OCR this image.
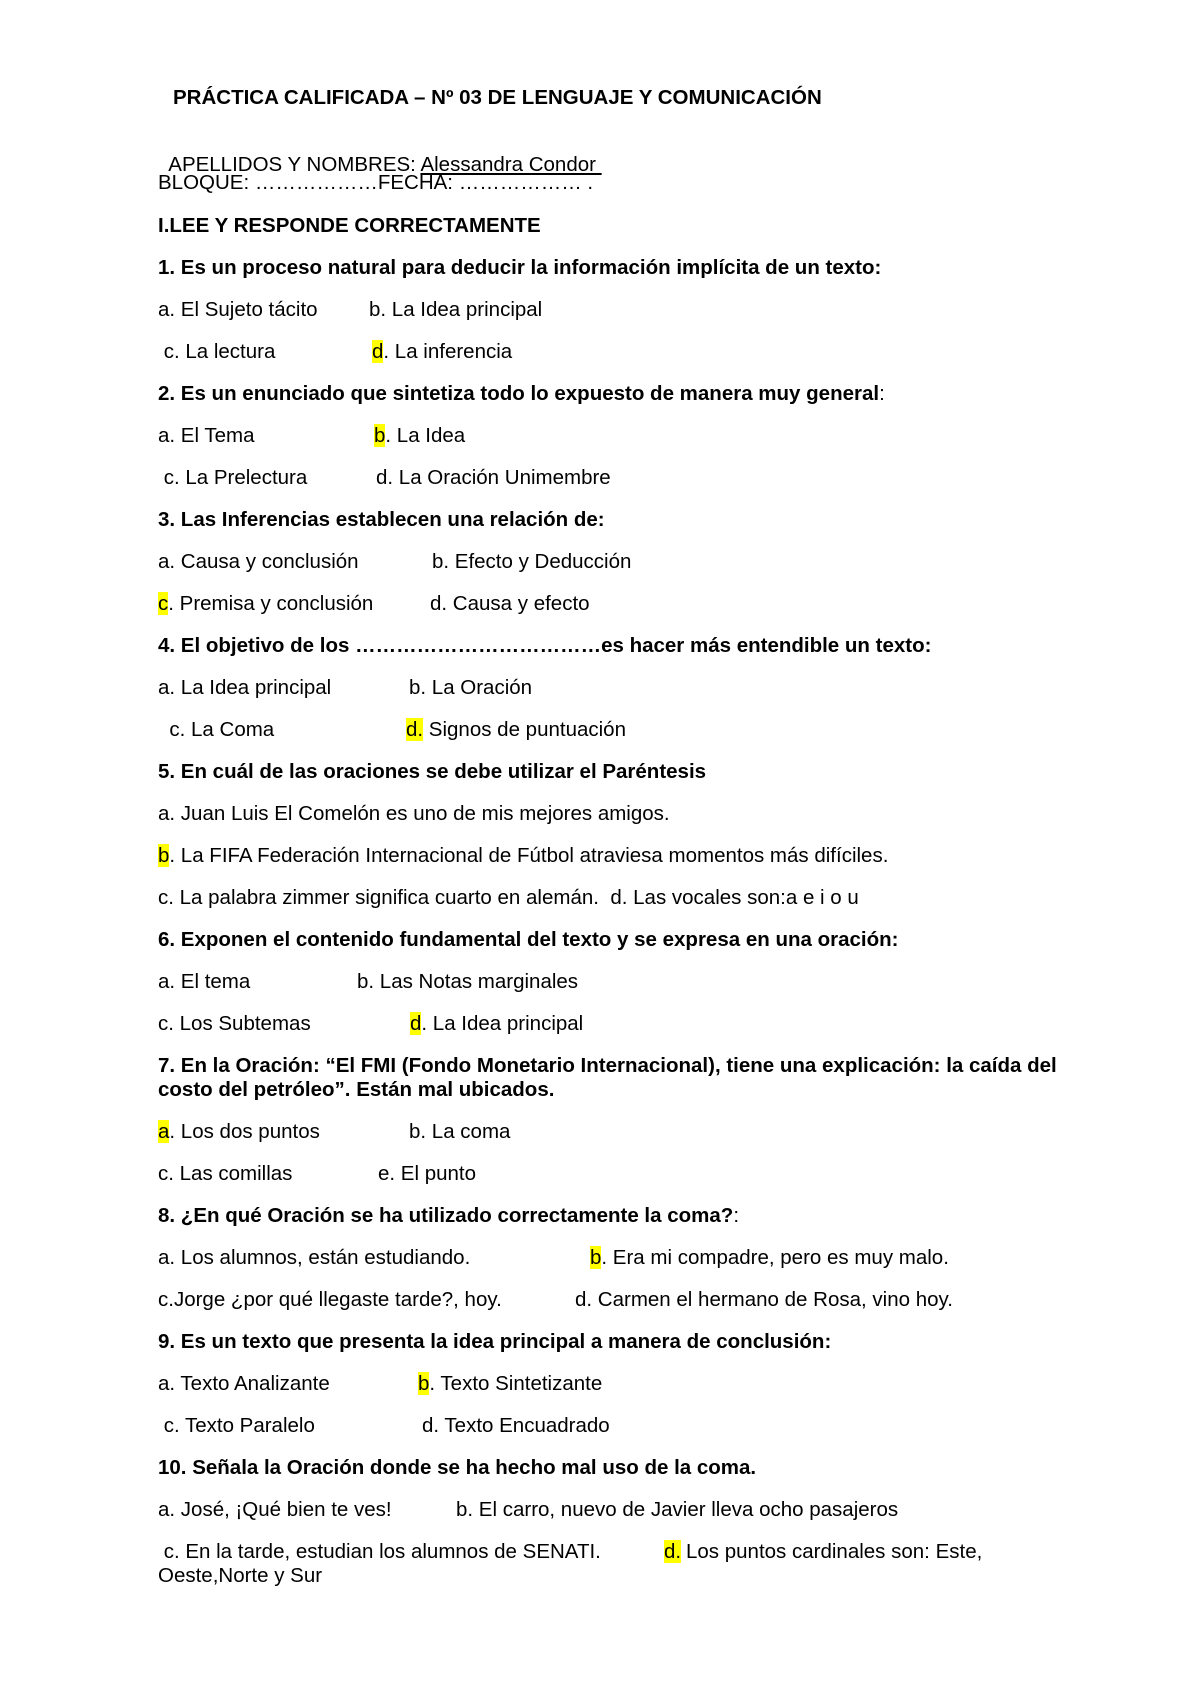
PRÁCTICA CALIFICADA – Nº 03 DE LENGUAJE Y COMUNICACIÓN

APELLIDOS Y NOMBRES: Alessandra Condor

BLOQUE: ………………FECHA: ……………… .
I.LEE Y RESPONDE CORRECTAMENTE
1. Es un proceso natural para deducir la información implícita de un texto:
a. El Sujeto tácito	b. La Idea principal
c. La lectura	d. La inferencia
2. Es un enunciado que sintetiza todo lo expuesto de manera muy general:
a. El Tema	b. La Idea
c. La Prelectura	d. La Oración Unimembre
3. Las Inferencias establecen una relación de:
a. Causa y conclusión	b. Efecto y Deducción
c. Premisa y conclusión	d. Causa y efecto
4. El objetivo de los ………………………………es hacer más entendible un texto:
a. La Idea principal	b. La Oración
c. La Coma	d. Signos de puntuación
5. En cuál de las oraciones se debe utilizar el Paréntesis
a. Juan Luis El Comelón es uno de mis mejores amigos.
b. La FIFA Federación Internacional de Fútbol atraviesa momentos más difíciles.
c. La palabra zimmer significa cuarto en alemán.  d. Las vocales son:a e i o u
6. Exponen el contenido fundamental del texto y se expresa en una oración:
a. El tema	b. Las Notas marginales
c. Los Subtemas	d. La Idea principal
7. En la Oración: “El FMI (Fondo Monetario Internacional), tiene una explicación: la caída del costo del petróleo”. Están mal ubicados.
a. Los dos puntos	b. La coma
c. Las comillas	e. El punto
8. ¿En qué Oración se ha utilizado correctamente la coma?:
a. Los alumnos, están estudiando.	b. Era mi compadre, pero es muy malo.
c.Jorge ¿por qué llegaste tarde?, hoy.	d. Carmen el hermano de Rosa, vino hoy.
9. Es un texto que presenta la idea principal a manera de conclusión:
a. Texto Analizante	b. Texto Sintetizante
c. Texto Paralelo	d. Texto Encuadrado
10. Señala la Oración donde se ha hecho mal uso de la coma.
a. José, ¡Qué bien te ves!	b. El carro, nuevo de Javier lleva ocho pasajeros
c. En la tarde, estudian los alumnos de SENATI.	d. Los puntos cardinales son: Este, Oeste,Norte y Sur
